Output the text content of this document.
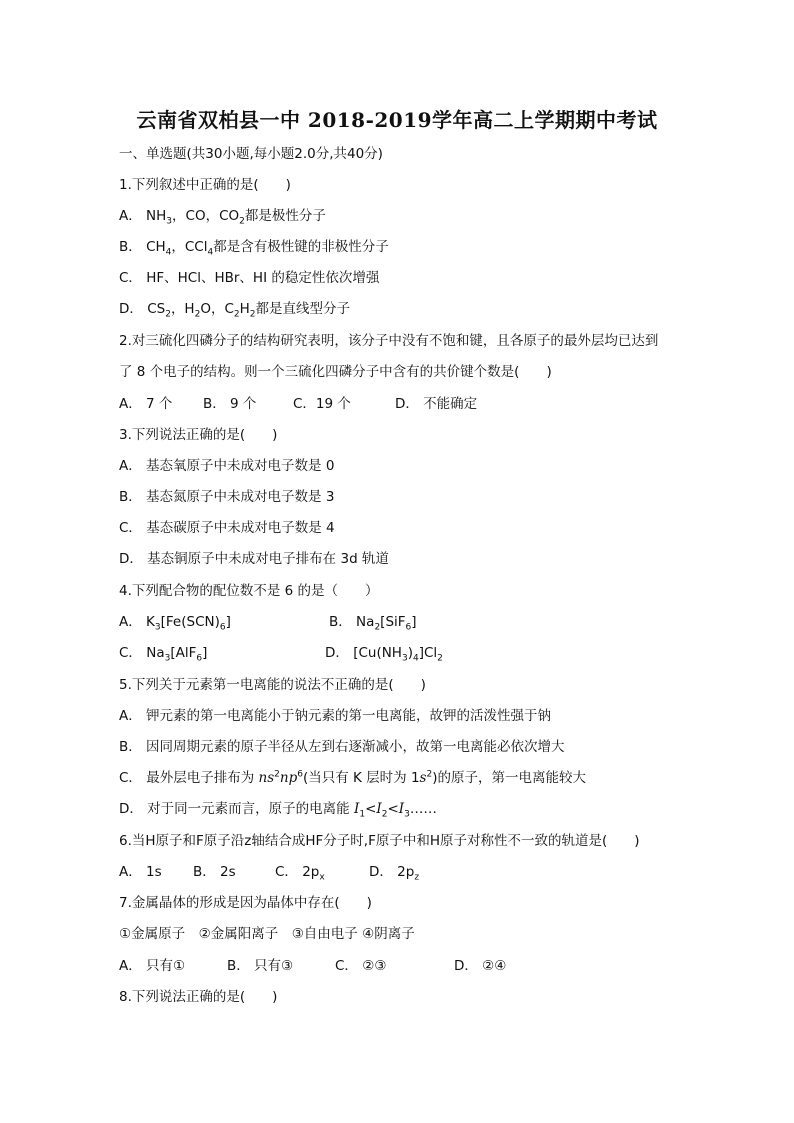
云南省双柏县一中 2018-2019学年高二上学期期中考试
一、单选题(共30小题,每小题2.0分,共40分)
1.下列叙述中正确的是(　　)
A． $NH_3$，CO，$CO_2$都是极性分子
B． $CH_4$，CCl$_4$都是含有极性键的非极性分子
C． HF、HCl、HBr、HI 的稳定性依次增强
D． $CS_2$，$H_2O$，$C_2H_2$都是直线型分子
2.对三硫化四磷分子的结构研究表明，该分子中没有不饱和键，且各原子的最外层均已达到
了 8 个电子的结构。则一个三硫化四磷分子中含有的共价键个数是(　　)
A． 7 个 B． 9 个	C．19 个	D． 不能确定
3.下列说法正确的是(　　)
A． 基态氧原子中未成对电子数是 0
B． 基态氮原子中未成对电子数是 3
C． 基态碳原子中未成对电子数是 4
D． 基态铜原子中未成对电子排布在 3d 轨道
4.下列配合物的配位数不是 6 的是（　　）
A． $K_3[Fe(SCN)_6]$	B． $Na_2[SiF_6]$
C． $Na_3[AlF_6]$	D． $[Cu(NH_3)_4]Cl_2$
5.下列关于元素第一电离能的说法不正确的是(　　)
A． 钾元素的第一电离能小于钠元素的第一电离能，故钾的活泼性强于钠
B． 因同周期元素的原子半径从左到右逐渐减小，故第一电离能必依次增大
C． 最外层电子排布为 $ns^2np^6$(当只有 K 层时为 $1s^2$)的原子，第一电离能较大
D． 对于同一元素而言，原子的电离能 $I_1<I_2<I_3\dots\dots$
6.当H原子和F原子沿z轴结合成HF分子时,F原子中和H原子对称性不一致的轨道是(　　)
A． 1s B． 2s	C． $2p_x$	D． $2p_z$
7.金属晶体的形成是因为晶体中存在(　　)
①金属原子　②金属阳离子　③自由电子 ④阴离子
A． 只有①	B． 只有③	C． ②③	D． ②④
8.下列说法正确的是(　　)
